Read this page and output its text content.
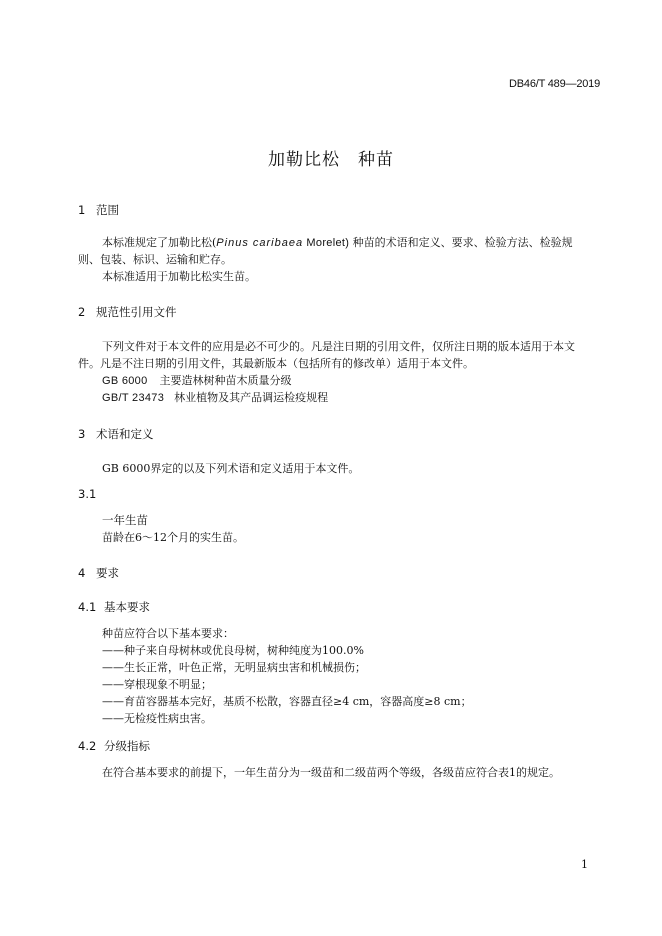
DB46/T 489—2019
加勒比松　种苗
1 范围
本标准规定了加勒比松(Pinus caribaea Morelet) 种苗的术语和定义、要求、检验方法、检验规
则、包装、标识、运输和贮存。
本标准适用于加勒比松实生苗。
2 规范性引用文件
下列文件对于本文件的应用是必不可少的。凡是注日期的引用文件，仅所注日期的版本适用于本文
件。凡是不注日期的引用文件，其最新版本（包括所有的修改单）适用于本文件。
GB 6000 主要造林树种苗木质量分级
GB/T 23473 林业植物及其产品调运检疫规程
3 术语和定义
GB 6000界定的以及下列术语和定义适用于本文件。
3.1
一年生苗
苗龄在6～12个月的实生苗。
4 要求
4.1 基本要求
种苗应符合以下基本要求：
——种子来自母树林或优良母树，树种纯度为100.0%
——生长正常，叶色正常，无明显病虫害和机械损伤；
——穿根现象不明显；
——育苗容器基本完好，基质不松散，容器直径≥4 cm，容器高度≥8 cm；
——无检疫性病虫害。
4.2 分级指标
在符合基本要求的前提下，一年生苗分为一级苗和二级苗两个等级，各级苗应符合表1的规定。
1
